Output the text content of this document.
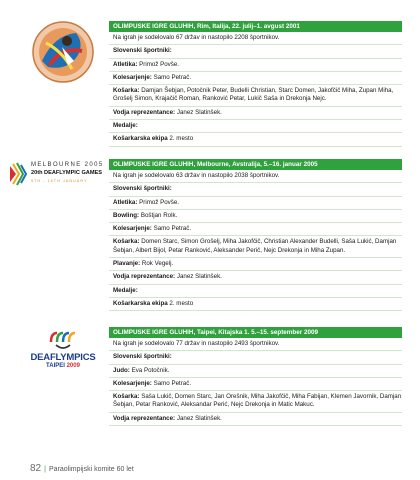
MELBOURNE 2005
20th DEAFLYMPIC GAMES
5TH - 16TH JANUARY
DEAFLYMPICS
TAIPEI 2009
OLIMPUSKE IGRE GLUHIH, Rim, Italija, 22. julij–1. avgust 2001
Na igrah je sodelovalo 67 držav in nastopilo 2208 športnikov.
Slovenski športniki:
Atletika: Primož Povše.
Kolesarjenje: Samo Petrač.
Košarka: Damjan Šebjan, Potočnik Peter, Budelli Christian, Starc Domen, Jakofčič Miha, Zupan Miha, Grošelj Simon, Krajačič Roman, Ranković Petar, Lukič Saša in Drekonja Nejc.
Vodja reprezentance: Janez Slatinšek.
Medalje:
Košarkarska ekipa 2. mesto
OLIMPUSKE IGRE GLUHIH, Melbourne, Avstralija, 5.–16. januar 2005
Na igrah je sodelovalo 63 držav in nastopilo 2038 športnikov.
Slovenski športniki:
Atletika: Primož Povše.
Bowling: Boštjan Rolk.
Kolesarjenje: Samo Petrač.
Košarka: Domen Starc, Simon Grošelj, Miha Jakofčič, Christian Alexander Budelli, Saša Lukić, Damjan Šebjan, Albert Bijol, Petar Ranković, Aleksander Perič, Nejc Drekonja in Miha Zupan.
Plavanje: Rok Vegelj.
Vodja reprezentance: Janez Slatinšek.
Medalje:
Košarkarska ekipa 2. mesto
OLIMPUSKE IGRE GLUHIH, Taipei, Kitajska 1. 5.–15. september 2009
Na igrah je sodelovalo 77 držav in nastopilo 2493 športnikov.
Slovenski športniki:
Judo: Eva Potočnik.
Kolesarjenje: Samo Petrač.
Košarka: Saša Lukič, Domen Starc, Jan Orešnik, Miha Jakofčič, Miha Fabijan, Klemen Javornik, Damjan Šebjan, Petar Ranković, Aleksandar Perić, Nejc Drekonja in Matic Makuc.
Vodja reprezentance: Janez Slatinšek.
82 | Paraolimpijski komite 60 let
